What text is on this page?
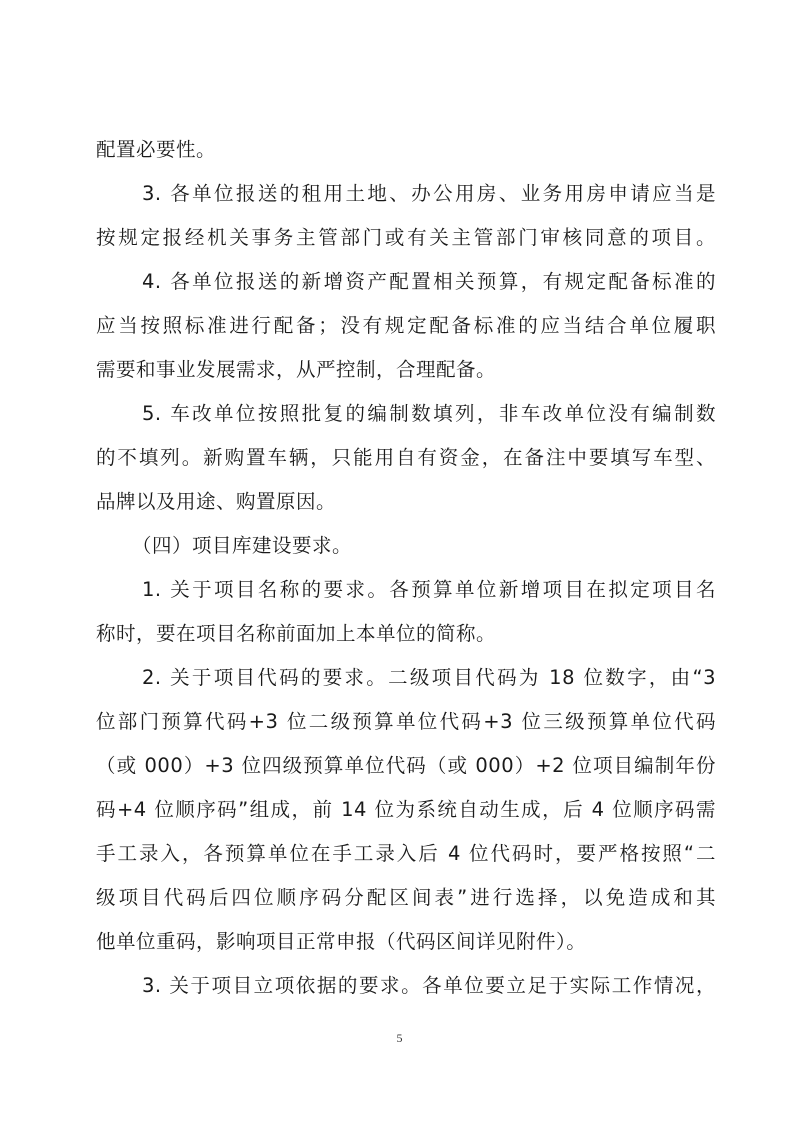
配置必要性。
3. 各单位报送的租用土地、办公用房、业务用房申请应当是
按规定报经机关事务主管部门或有关主管部门审核同意的项目。
4. 各单位报送的新增资产配置相关预算，有规定配备标准的
应当按照标准进行配备；没有规定配备标准的应当结合单位履职
需要和事业发展需求，从严控制，合理配备。
5. 车改单位按照批复的编制数填列，非车改单位没有编制数
的不填列。新购置车辆，只能用自有资金，在备注中要填写车型、
品牌以及用途、购置原因。
（四）项目库建设要求。
1. 关于项目名称的要求。各预算单位新增项目在拟定项目名
称时，要在项目名称前面加上本单位的简称。
2. 关于项目代码的要求。二级项目代码为 18 位数字，由“3
位部门预算代码+3 位二级预算单位代码+3 位三级预算单位代码
（或 000）+3 位四级预算单位代码（或 000）+2 位项目编制年份
码+4 位顺序码”组成，前 14 位为系统自动生成，后 4 位顺序码需
手工录入，各预算单位在手工录入后 4 位代码时，要严格按照“二
级项目代码后四位顺序码分配区间表”进行选择，以免造成和其
他单位重码，影响项目正常申报（代码区间详见附件）。
3. 关于项目立项依据的要求。各单位要立足于实际工作情况，
5
